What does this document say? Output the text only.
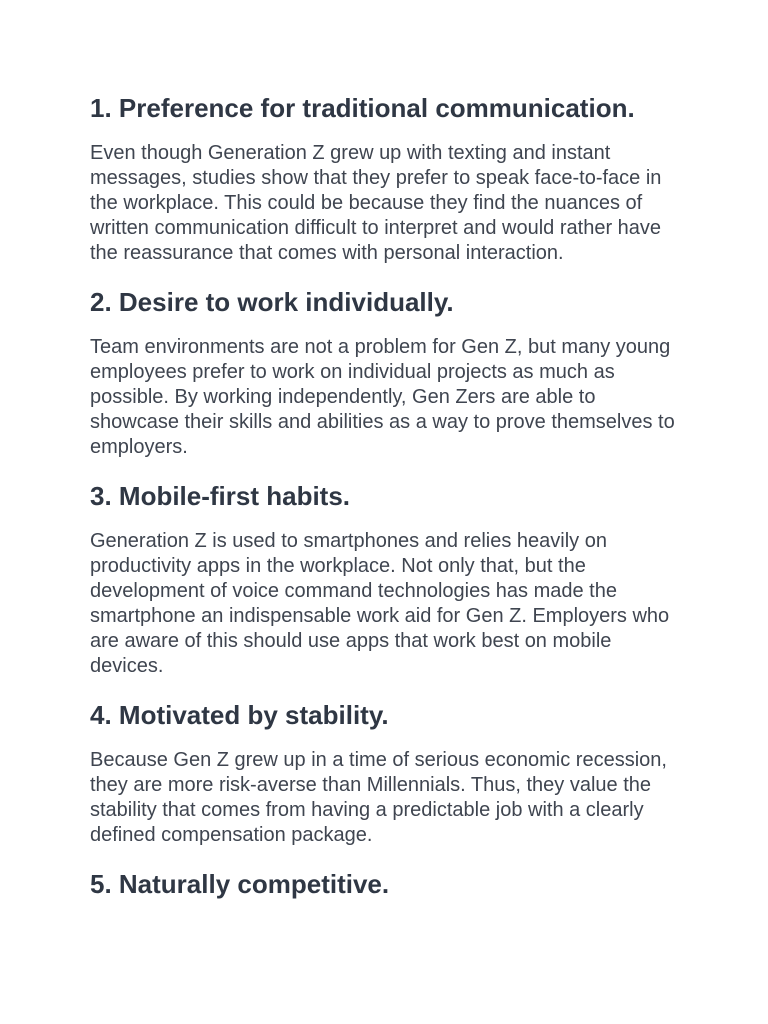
1. Preference for traditional communication.

Even though Generation Z grew up with texting and instant messages, studies show that they prefer to speak face-to-face in the workplace. This could be because they find the nuances of written communication difficult to interpret and would rather have the reassurance that comes with personal interaction.

2. Desire to work individually.

Team environments are not a problem for Gen Z, but many young employees prefer to work on individual projects as much as possible. By working independently, Gen Zers are able to showcase their skills and abilities as a way to prove themselves to employers.

3. Mobile-first habits.

Generation Z is used to smartphones and relies heavily on productivity apps in the workplace. Not only that, but the development of voice command technologies has made the smartphone an indispensable work aid for Gen Z. Employers who are aware of this should use apps that work best on mobile devices.

4. Motivated by stability.

Because Gen Z grew up in a time of serious economic recession, they are more risk-averse than Millennials. Thus, they value the stability that comes from having a predictable job with a clearly defined compensation package.

5. Naturally competitive.
